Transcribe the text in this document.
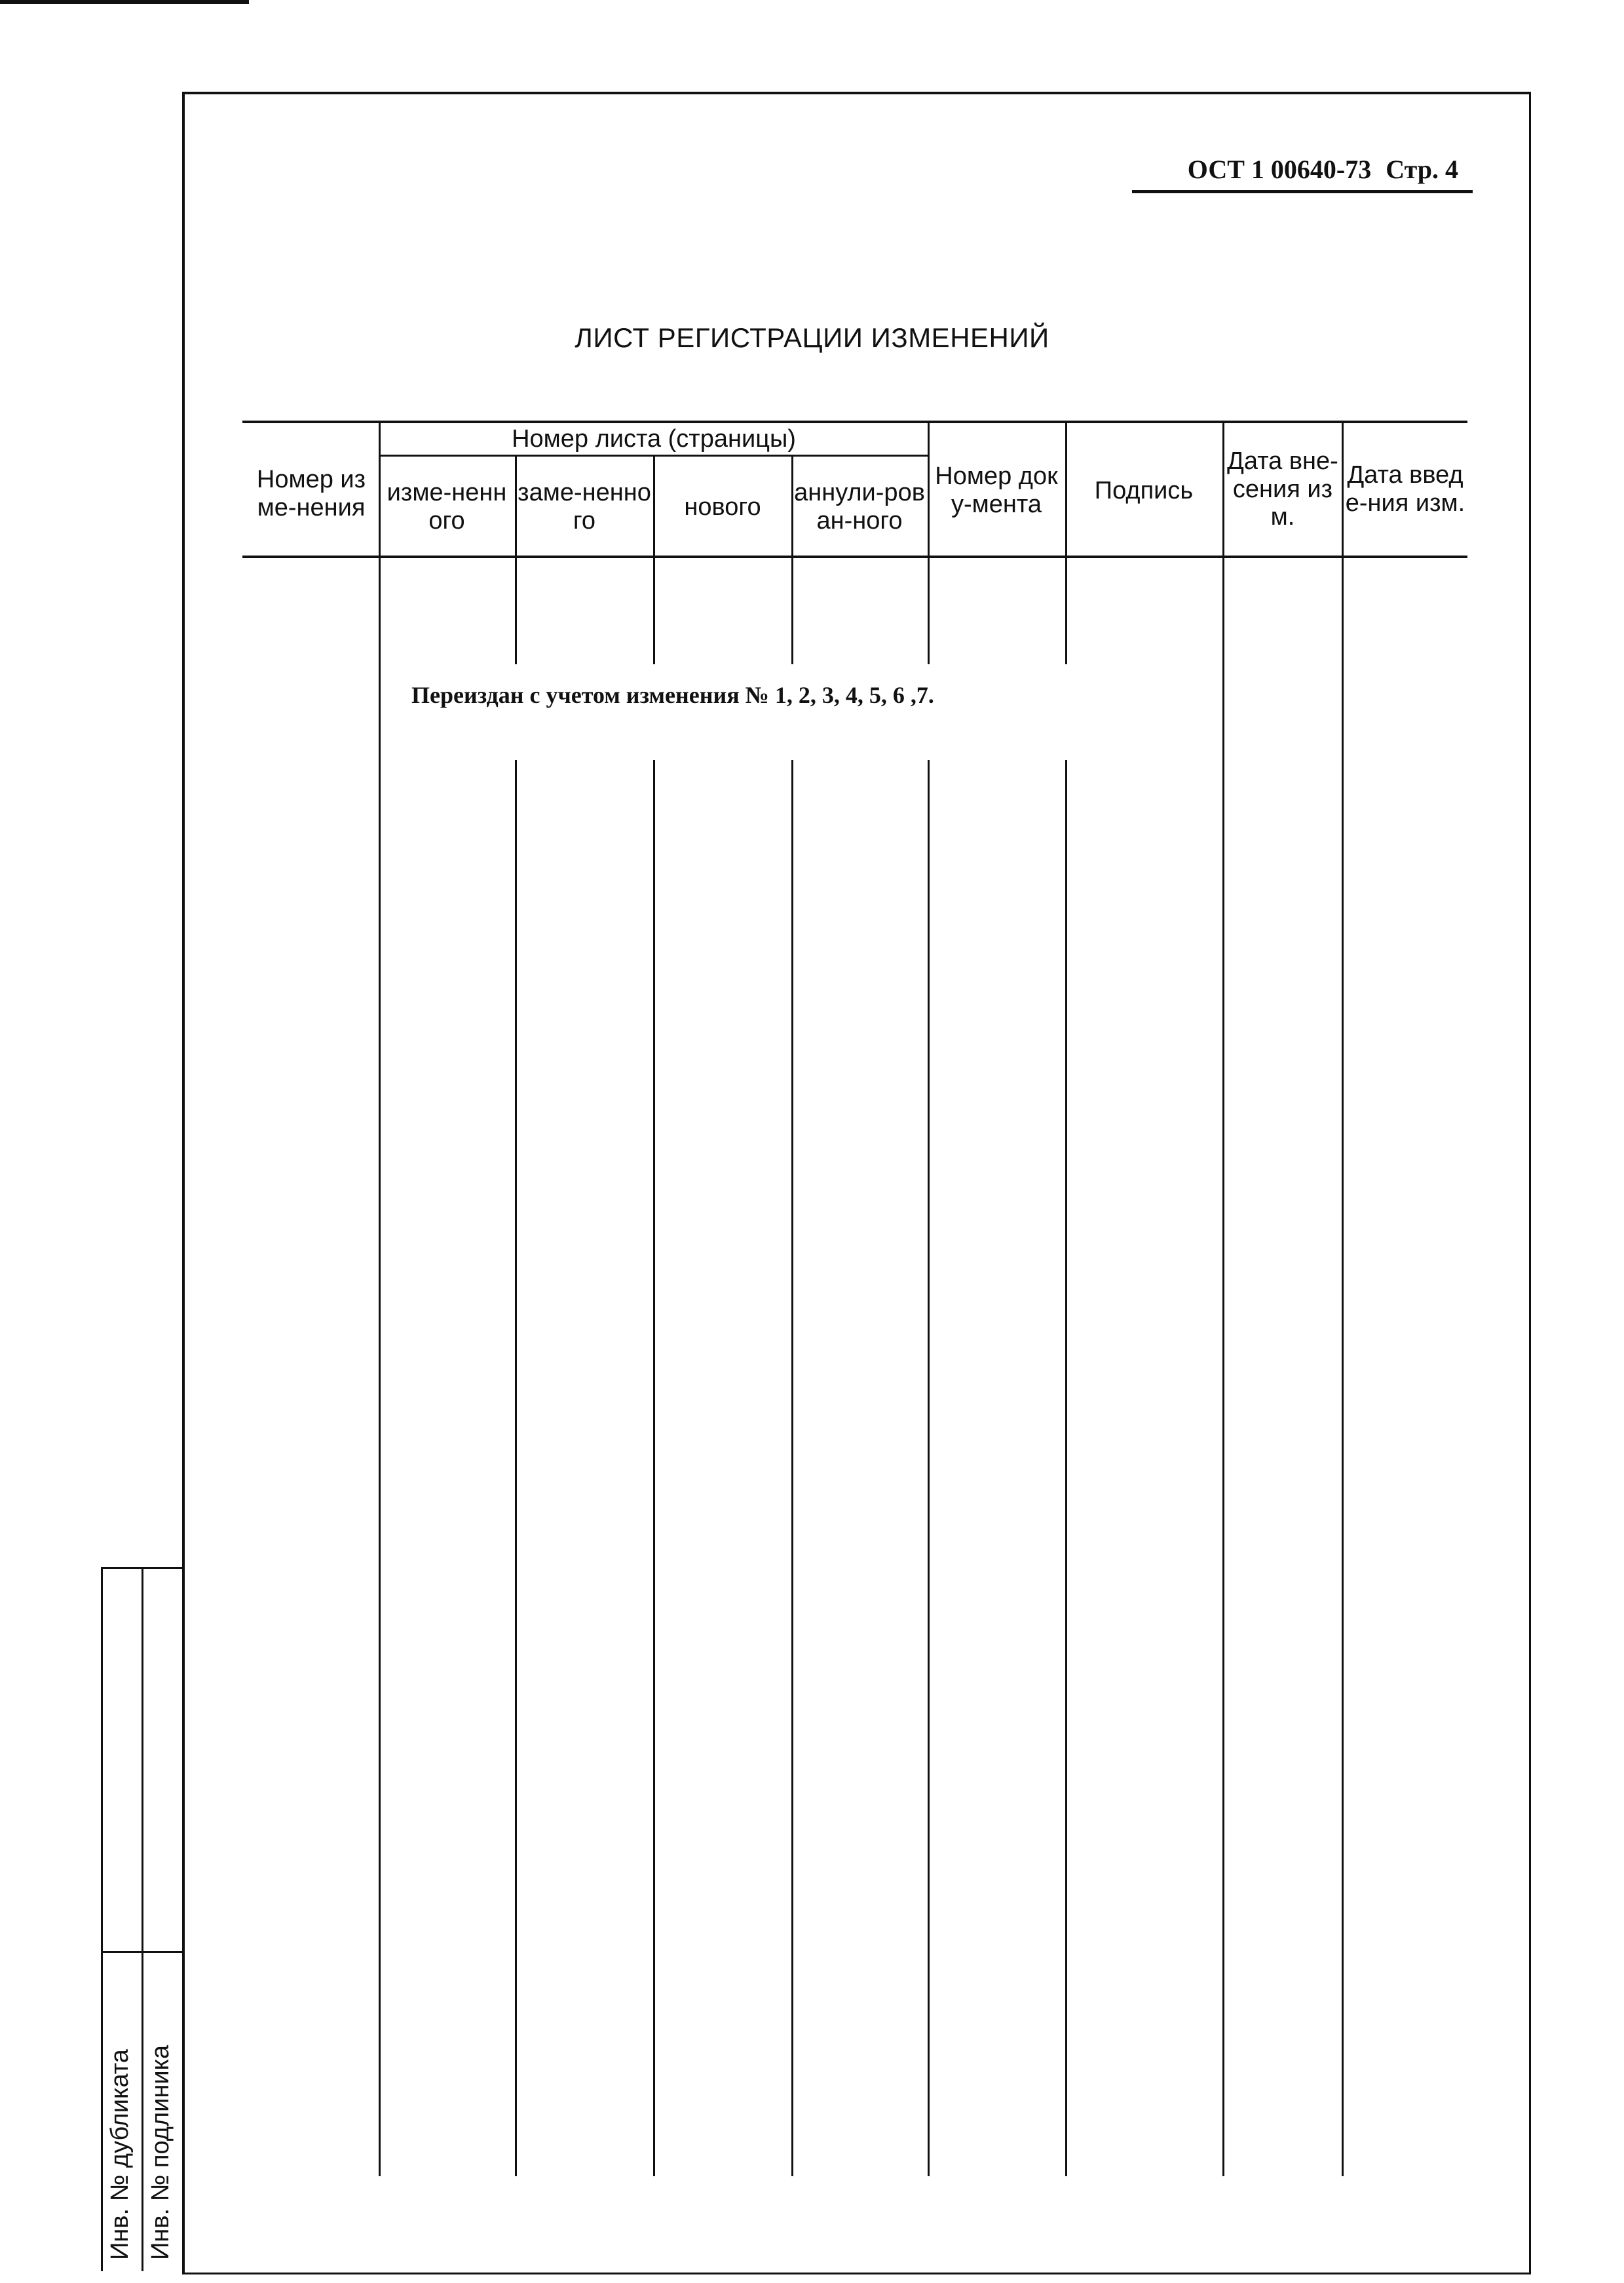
ОСТ 1 00640-73 Стр. 4
ЛИСТ РЕГИСТРАЦИИ ИЗМЕНЕНИЙ
Номер изме-нения
Номер листа (страницы)
изме-ненного
заме-ненного
нового
аннули-рован-ного
Номер доку-мента
Подпись
Дата вне-сения изм.
Дата введе-ния изм.
Переиздан с учетом изменения № 1, 2, 3, 4, 5, 6 ,7.
Инв. № дубликата Инв. № подлиника
